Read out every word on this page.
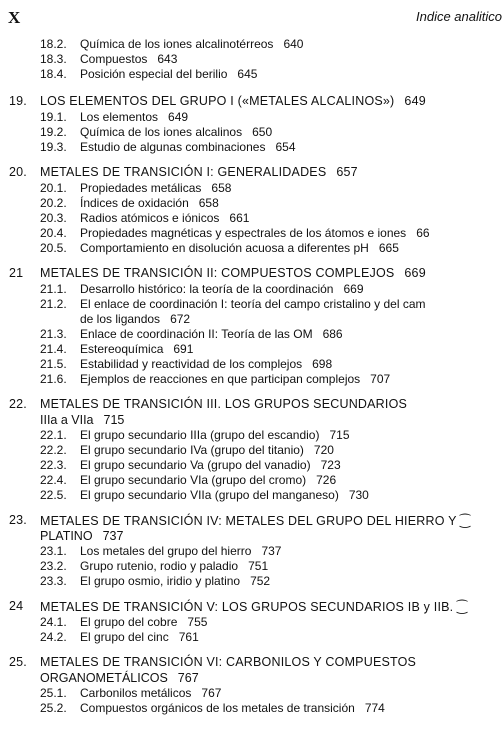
X	Indice analitico
18.2. Química de los iones alcalinotérreos 640
18.3. Compuestos 643
18.4. Posición especial del berilio 645
19. LOS ELEMENTOS DEL GRUPO I («METALES ALCALINOS») 649
19.1. Los elementos 649
19.2. Química de los iones alcalinos 650
19.3. Estudio de algunas combinaciones 654
20. METALES DE TRANSICIÓN I: GENERALIDADES 657
20.1. Propiedades metálicas 658
20.2. Índices de oxidación 658
20.3. Radios atómicos e iónicos 661
20.4. Propiedades magnéticas y espectrales de los átomos e iones 66
20.5. Comportamiento en disolución acuosa a diferentes pH 665
21 METALES DE TRANSICIÓN II: COMPUESTOS COMPLEJOS 669
21.1. Desarrollo histórico: la teoría de la coordinación 669
21.2. El enlace de coordinación I: teoría del campo cristalino y del cam
de los ligandos 672
21.3. Enlace de coordinación II: Teoría de las OM 686
21.4. Estereoquímica 691
21.5. Estabilidad y reactividad de los complejos 698
21.6. Ejemplos de reacciones en que participan complejos 707
22. METALES DE TRANSICIÓN III. LOS GRUPOS SECUNDARIOS
IIIa a VIIa 715
22.1. El grupo secundario IIIa (grupo del escandio) 715
22.2. El grupo secundario IVa (grupo del titanio) 720
22.3. El grupo secundario Va (grupo del vanadio) 723
22.4. El grupo secundario VIa (grupo del cromo) 726
22.5. El grupo secundario VIIa (grupo del manganeso) 730
23. METALES DE TRANSICIÓN IV: METALES DEL GRUPO DEL HIERRO Y ⁐
PLATINO 737
23.1. Los metales del grupo del hierro 737
23.2. Grupo rutenio, rodio y paladio 751
23.3. El grupo osmio, iridio y platino 752
24 METALES DE TRANSICIÓN V: LOS GRUPOS SECUNDARIOS IB y IIB. ⁐
24.1. El grupo del cobre 755
24.2. El grupo del cinc 761
25. METALES DE TRANSICIÓN VI: CARBONILOS Y COMPUESTOS
ORGANOMETÁLICOS 767
25.1. Carbonilos metálicos 767
25.2. Compuestos orgánicos de los metales de transición 774
